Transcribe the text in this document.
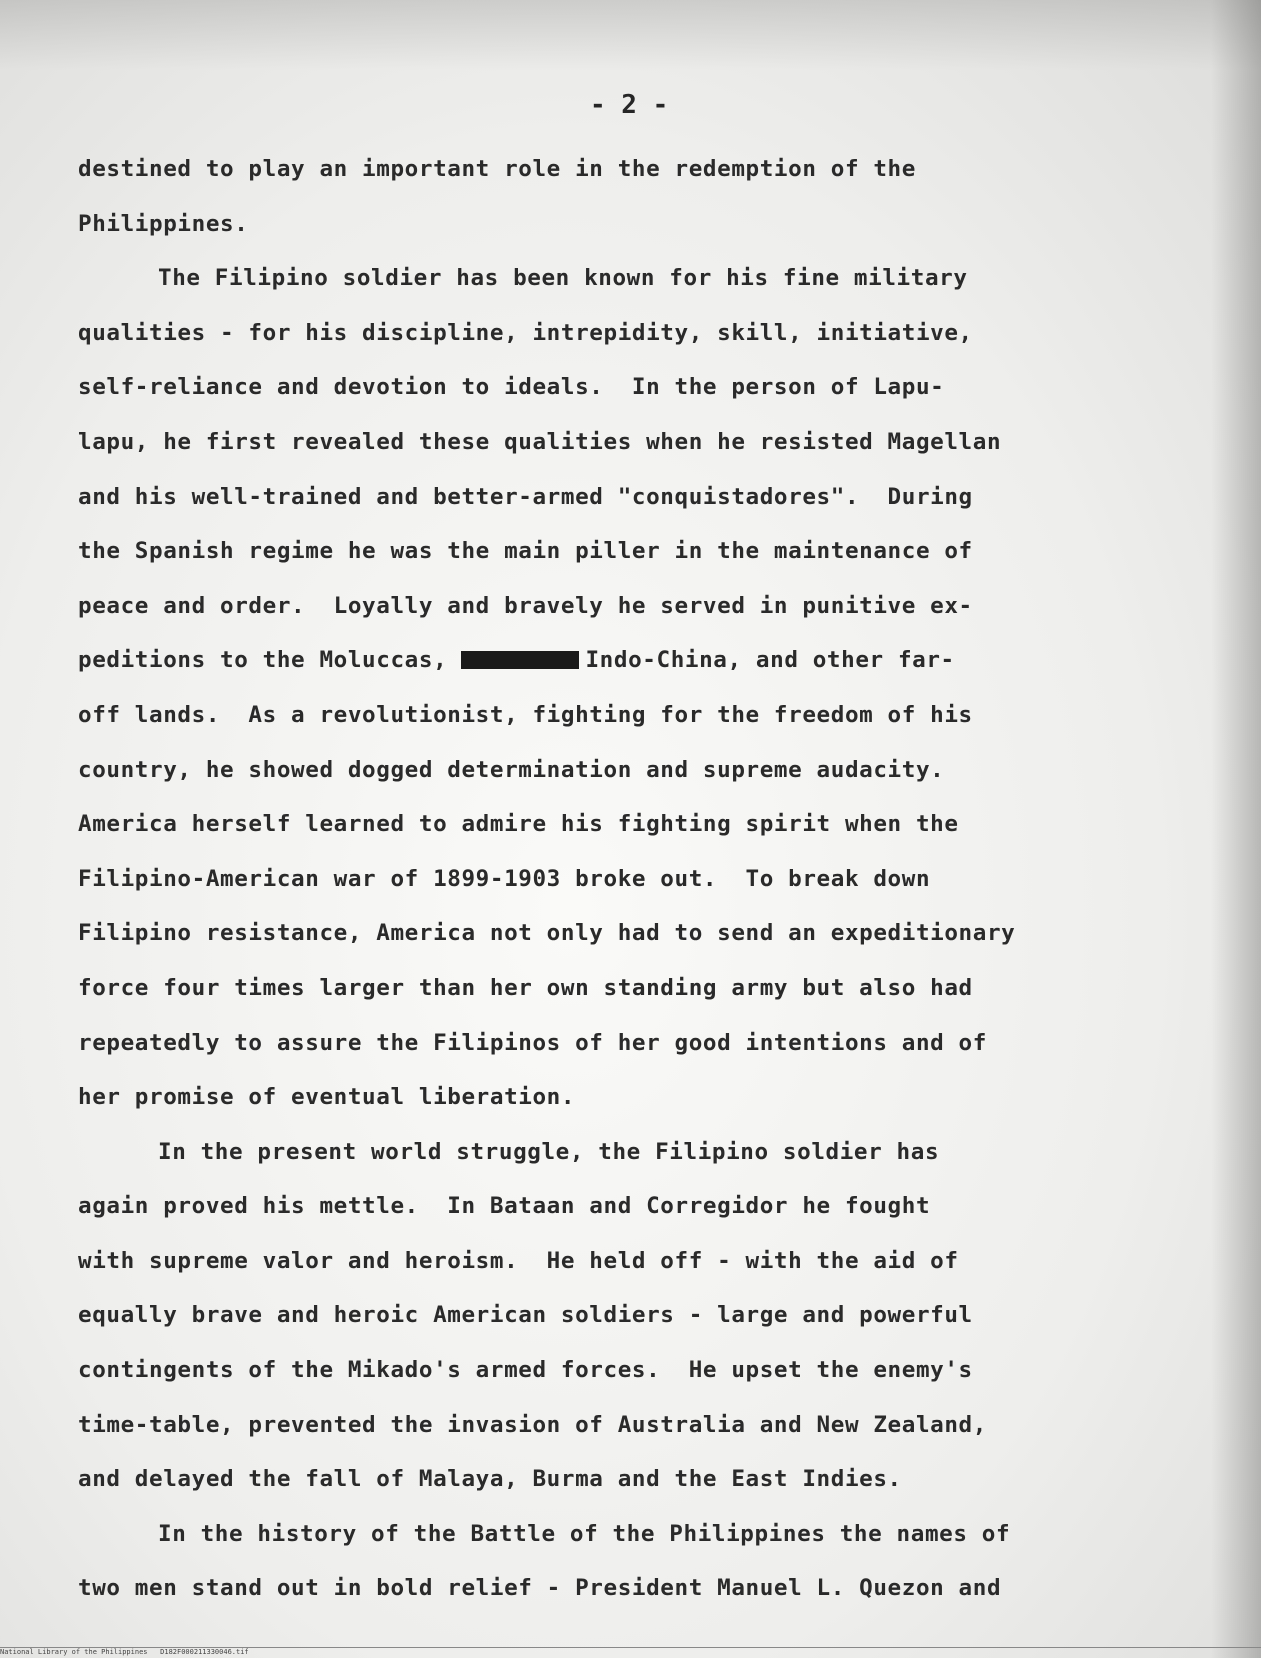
- 2 -
destined to play an important role in the redemption of the
Philippines.
The Filipino soldier has been known for his fine military
qualities - for his discipline, intrepidity, skill, initiative,
self-reliance and devotion to ideals.  In the person of Lapu-
lapu, he first revealed these qualities when he resisted Magellan
and his well-trained and better-armed "conquistadores".  During
the Spanish regime he was the main piller in the maintenance of
peace and order.  Loyally and bravely he served in punitive ex-
peditions to the Moluccas,	Indo-China, and other far-
off lands.  As a revolutionist, fighting for the freedom of his
country, he showed dogged determination and supreme audacity.
America herself learned to admire his fighting spirit when the
Filipino-American war of 1899-1903 broke out.  To break down
Filipino resistance, America not only had to send an expeditionary
force four times larger than her own standing army but also had
repeatedly to assure the Filipinos of her good intentions and of
her promise of eventual liberation.
In the present world struggle, the Filipino soldier has
again proved his mettle.  In Bataan and Corregidor he fought
with supreme valor and heroism.  He held off - with the aid of
equally brave and heroic American soldiers - large and powerful
contingents of the Mikado's armed forces.  He upset the enemy's
time-table, prevented the invasion of Australia and New Zealand,
and delayed the fall of Malaya, Burma and the East Indies.
In the history of the Battle of the Philippines the names of
two men stand out in bold relief - President Manuel L. Quezon and
National Library of the Philippines   D182F000211330046.tif
